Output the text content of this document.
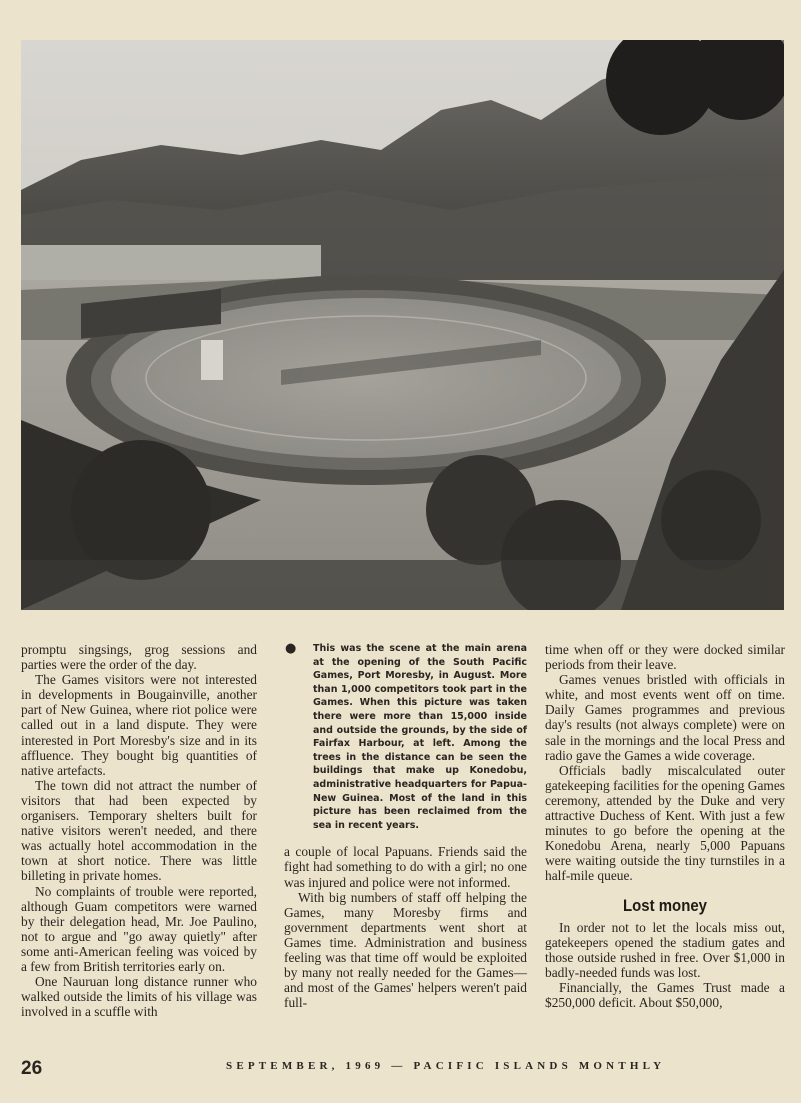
promptu singsings, grog sessions and parties were the order of the day.

The Games visitors were not interested in developments in Bougainville, another part of New Guinea, where riot police were called out in a land dispute. They were interested in Port Moresby's size and in its affluence. They bought big quantities of native artefacts.

The town did not attract the number of visitors that had been expected by organisers. Temporary shelters built for native visitors weren't needed, and there was actually hotel accommodation in the town at short notice. There was little billeting in private homes.

No complaints of trouble were reported, although Guam competitors were warned by their delegation head, Mr. Joe Paulino, not to argue and "go away quietly" after some anti-American feeling was voiced by a few from British territories early on.

One Nauruan long distance runner who walked outside the limits of his village was involved in a scuffle with

● This was the scene at the main arena at the opening of the South Pacific Games, Port Moresby, in August. More than 1,000 competitors took part in the Games. When this picture was taken there were more than 15,000 inside and outside the grounds, by the side of Fairfax Harbour, at left. Among the trees in the distance can be seen the buildings that make up Konedobu, administrative headquarters for Papua-New Guinea. Most of the land in this picture has been reclaimed from the sea in recent years.

a couple of local Papuans. Friends said the fight had something to do with a girl; no one was injured and police were not informed.

With big numbers of staff off helping the Games, many Moresby firms and government departments went short at Games time. Administration and business feeling was that time off would be exploited by many not really needed for the Games—and most of the Games' helpers weren't paid full-

time when off or they were docked similar periods from their leave.

Games venues bristled with officials in white, and most events went off on time. Daily Games programmes and previous day's results (not always complete) were on sale in the mornings and the local Press and radio gave the Games a wide coverage.

Officials badly miscalculated outer gatekeeping facilities for the opening Games ceremony, attended by the Duke and very attractive Duchess of Kent. With just a few minutes to go before the opening at the Konedobu Arena, nearly 5,000 Papuans were waiting outside the tiny turnstiles in a half-mile queue.

Lost money

In order not to let the locals miss out, gatekeepers opened the stadium gates and those outside rushed in free. Over $1,000 in badly-needed funds was lost.

Financially, the Games Trust made a $250,000 deficit. About $50,000,

26	SEPTEMBER, 1969 — PACIFIC ISLANDS MONTHLY
